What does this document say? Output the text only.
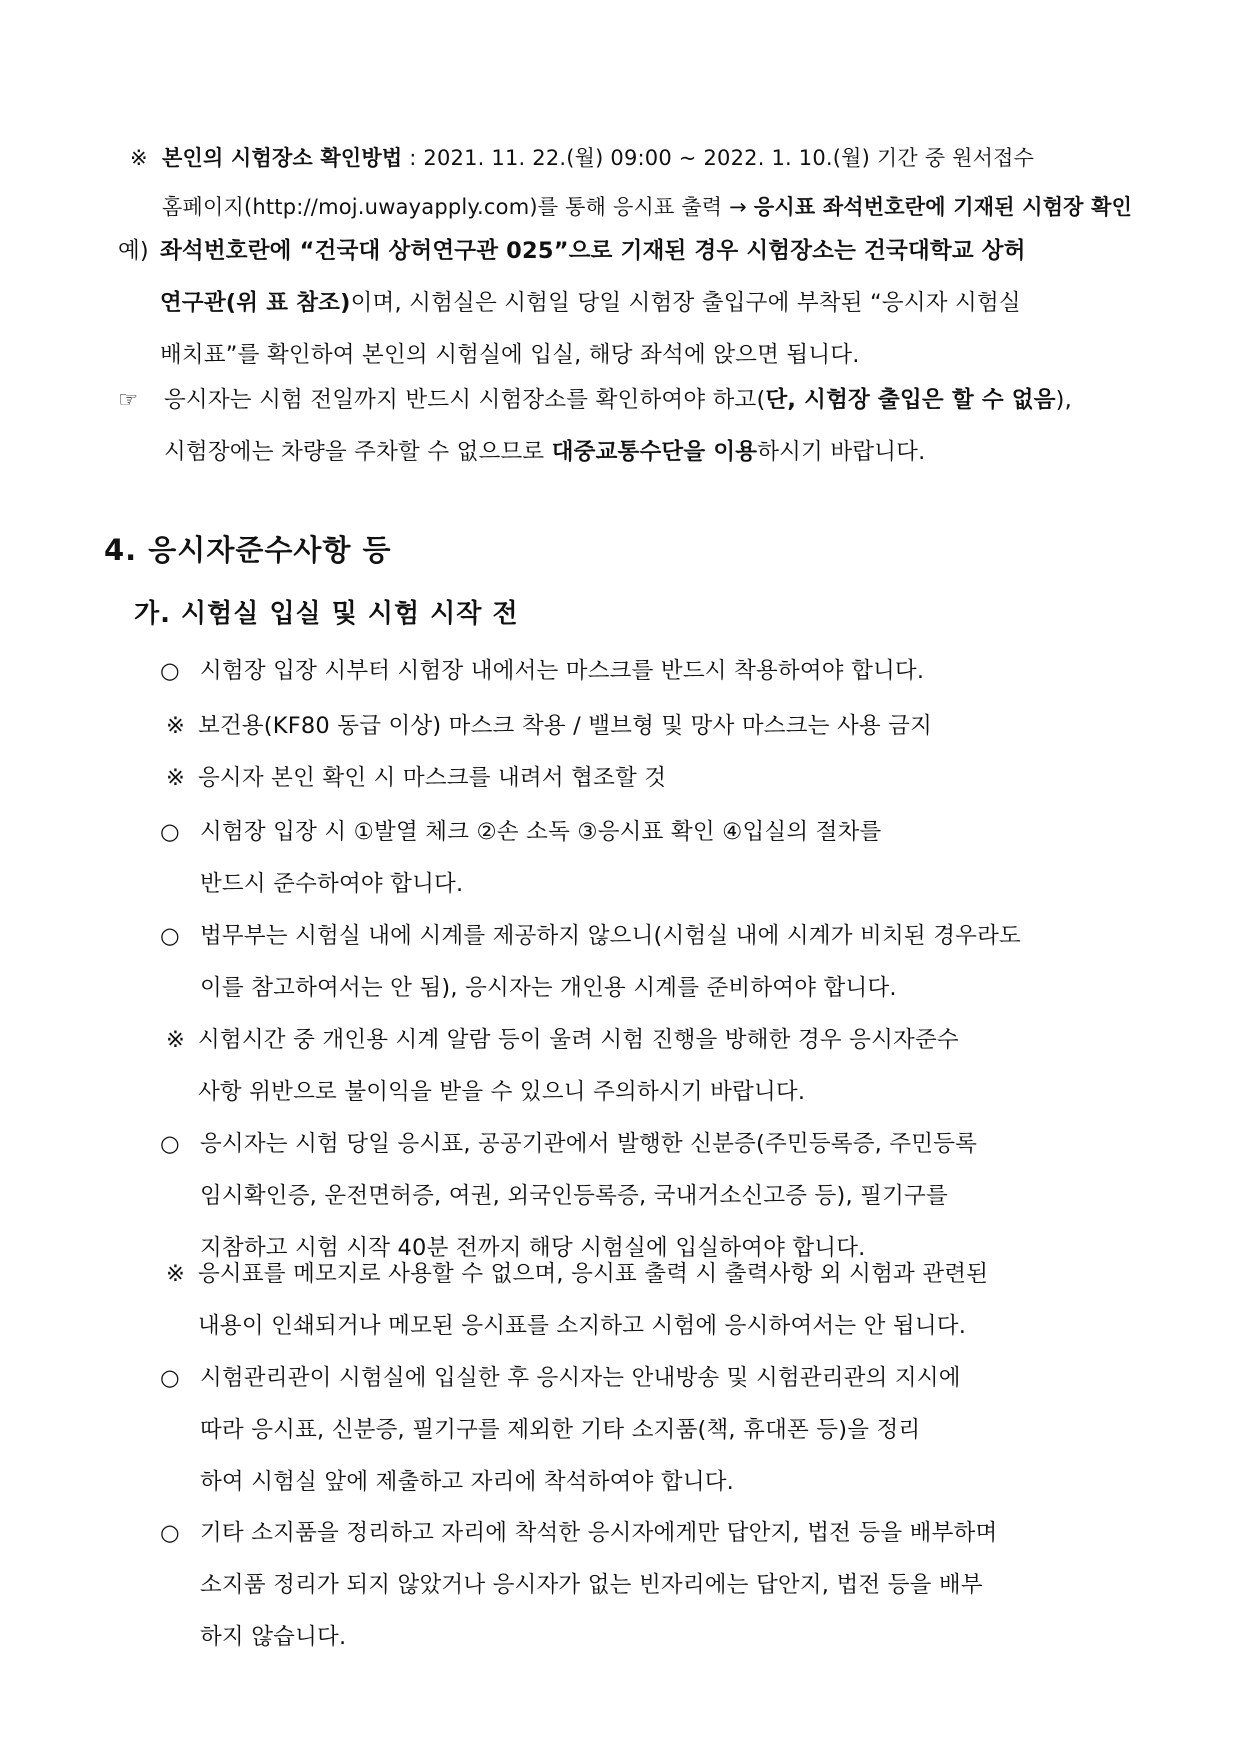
※ 본인의 시험장소 확인방법 : 2021. 11. 22.(월) 09:00 ~ 2022. 1. 10.(월) 기간 중 원서접수
홈페이지(http://moj.uwayapply.com)를 통해 응시표 출력 → 응시표 좌석번호란에 기재된 시험장 확인
예) 좌석번호란에 “건국대 상허연구관 025”으로 기재된 경우 시험장소는 건국대학교 상허
연구관(위 표 참조)이며, 시험실은 시험일 당일 시험장 출입구에 부착된 “응시자 시험실
배치표”를 확인하여 본인의 시험실에 입실, 해당 좌석에 앉으면 됩니다.
☞ 응시자는 시험 전일까지 반드시 시험장소를 확인하여야 하고(단, 시험장 출입은 할 수 없음),
시험장에는 차량을 주차할 수 없으므로 대중교통수단을 이용하시기 바랍니다.
4. 응시자준수사항 등
가. 시험실 입실 및 시험 시작 전
○ 시험장 입장 시부터 시험장 내에서는 마스크를 반드시 착용하여야 합니다.
※ 보건용(KF80 동급 이상) 마스크 착용 / 밸브형 및 망사 마스크는 사용 금지
※ 응시자 본인 확인 시 마스크를 내려서 협조할 것
○ 시험장 입장 시 ①발열 체크 ②손 소독 ③응시표 확인 ④입실의 절차를
반드시 준수하여야 합니다.
○ 법무부는 시험실 내에 시계를 제공하지 않으니(시험실 내에 시계가 비치된 경우라도
이를 참고하여서는 안 됨), 응시자는 개인용 시계를 준비하여야 합니다.
※ 시험시간 중 개인용 시계 알람 등이 울려 시험 진행을 방해한 경우 응시자준수
사항 위반으로 불이익을 받을 수 있으니 주의하시기 바랍니다.
○ 응시자는 시험 당일 응시표, 공공기관에서 발행한 신분증(주민등록증, 주민등록
임시확인증, 운전면허증, 여권, 외국인등록증, 국내거소신고증 등), 필기구를
지참하고 시험 시작 40분 전까지 해당 시험실에 입실하여야 합니다.
※ 응시표를 메모지로 사용할 수 없으며, 응시표 출력 시 출력사항 외 시험과 관련된
내용이 인쇄되거나 메모된 응시표를 소지하고 시험에 응시하여서는 안 됩니다.
○ 시험관리관이 시험실에 입실한 후 응시자는 안내방송 및 시험관리관의 지시에
따라 응시표, 신분증, 필기구를 제외한 기타 소지품(책, 휴대폰 등)을 정리
하여 시험실 앞에 제출하고 자리에 착석하여야 합니다.
○ 기타 소지품을 정리하고 자리에 착석한 응시자에게만 답안지, 법전 등을 배부하며
소지품 정리가 되지 않았거나 응시자가 없는 빈자리에는 답안지, 법전 등을 배부
하지 않습니다.
